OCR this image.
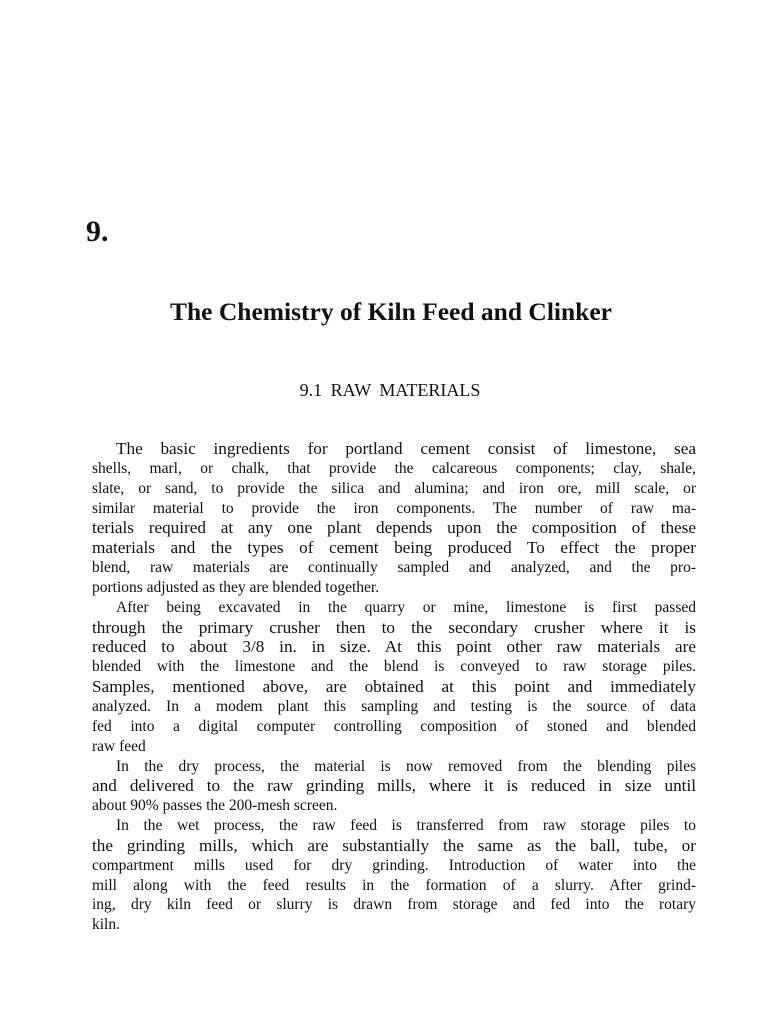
9.
The Chemistry of Kiln Feed and Clinker
9.1 RAW MATERIALS
The basic ingredients for portland cement consist of limestone, sea
shells, marl, or chalk, that provide the calcareous components; clay, shale,
slate, or sand, to provide the silica and alumina; and iron ore, mill scale, or
similar material to provide the iron components. The number of raw ma-
terials required at any one plant depends upon the composition of these
materials and the types of cement being produced To effect the proper
blend, raw materials are continually sampled and analyzed, and the pro-
portions adjusted as they are blended together.
After being excavated in the quarry or mine, limestone is first passed
through the primary crusher then to the secondary crusher where it is
reduced to about 3/8 in. in size. At this point other raw materials are
blended with the limestone and the blend is conveyed to raw storage piles.
Samples, mentioned above, are obtained at this point and immediately
analyzed. In a modem plant this sampling and testing is the source of data
fed into a digital computer controlling composition of stoned and blended
raw feed
In the dry process, the material is now removed from the blending piles
and delivered to the raw grinding mills, where it is reduced in size until
about 90% passes the 200-mesh screen.
In the wet process, the raw feed is transferred from raw storage piles to
the grinding mills, which are substantially the same as the ball, tube, or
compartment mills used for dry grinding. Introduction of water into the
mill along with the feed results in the formation of a slurry. After grind-
ing, dry kiln feed or slurry is drawn from storage and fed into the rotary
kiln.
